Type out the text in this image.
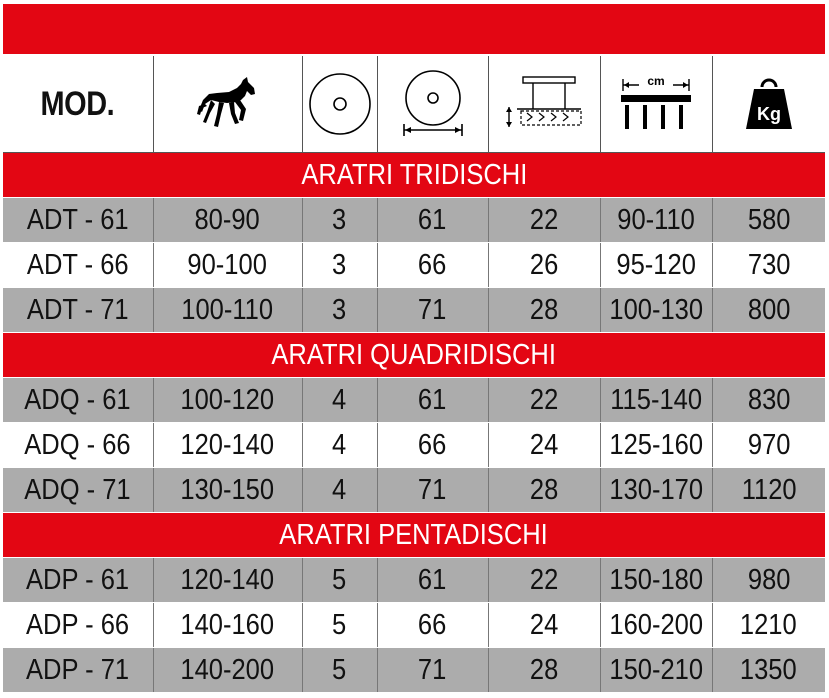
MOD.					cm	Kg

ARATRI TRIDISCHI						
ADT - 61	80-90	3	61	22	90-110	580
ADT - 66	90-100	3	66	26	95-120	730
ADT - 71	100-110	3	71	28	100-130	800
ARATRI QUADRIDISCHI						
ADQ - 61	100-120	4	61	22	115-140	830
ADQ - 66	120-140	4	66	24	125-160	970
ADQ - 71	130-150	4	71	28	130-170	1120
ARATRI PENTADISCHI						
ADP - 61	120-140	5	61	22	150-180	980
ADP - 66	140-160	5	66	24	160-200	1210
ADP - 71	140-200	5	71	28	150-210	1350
